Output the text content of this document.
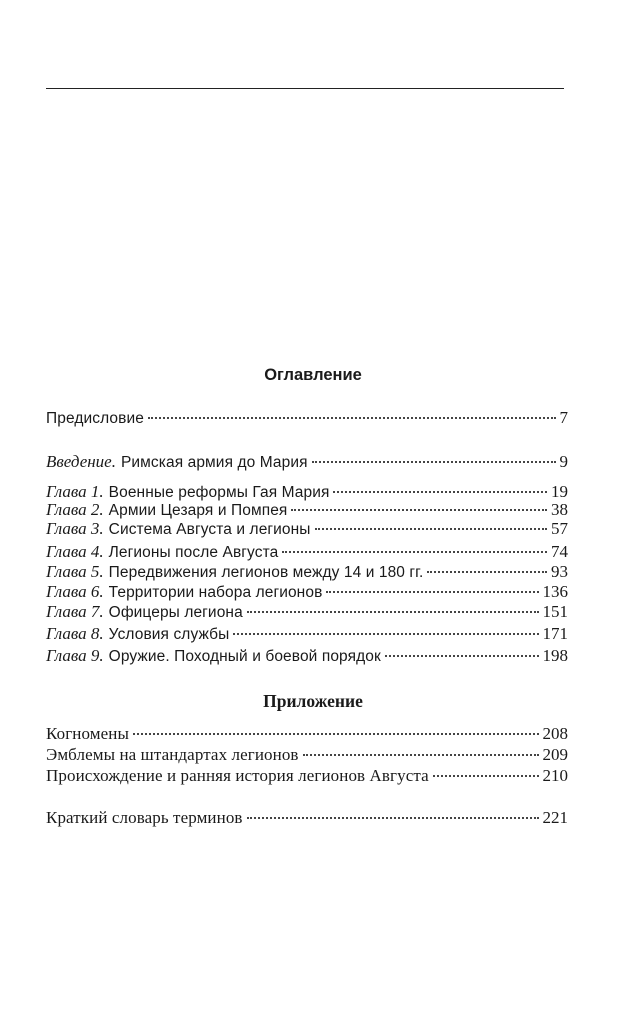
Оглавление
Предисловие	7
Введение. Римская армия до Мария	9
Глава 1. Военные реформы Гая Мария	19
Глава 2. Армии Цезаря и Помпея	38
Глава 3. Система Августа и легионы	57
Глава 4. Легионы после Августа	74
Глава 5. Передвижения легионов между 14 и 180 гг.	93
Глава 6. Территории набора легионов	136
Глава 7. Офицеры легиона	151
Глава 8. Условия службы	171
Глава 9. Оружие. Походный и боевой порядок	198
Приложение
Когномены	208
Эмблемы на штандартах легионов	209
Происхождение и ранняя история легионов Августа	210
Краткий словарь терминов	221
